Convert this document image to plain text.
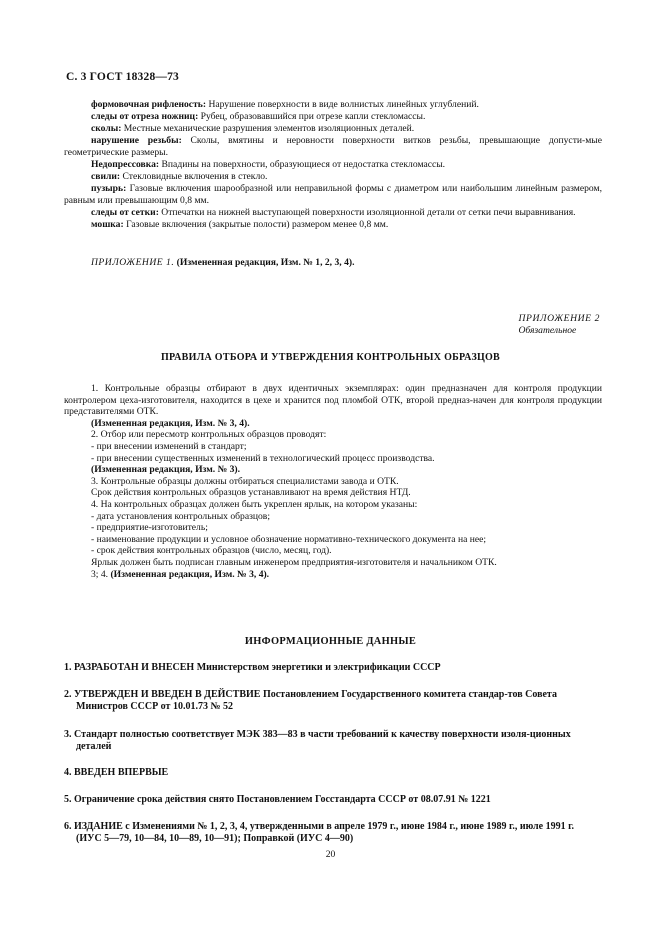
С. 3 ГОСТ 18328—73
формовочная рифленость: Нарушение поверхности в виде волнистых линейных углублений.
следы от отреза ножниц: Рубец, образовавшийся при отрезе капли стекломассы.
сколы: Местные механические разрушения элементов изоляционных деталей.
нарушение резьбы: Сколы, вмятины и неровности поверхности витков резьбы, превышающие допусти-мые геометрические размеры.
Недопрессовка: Впадины на поверхности, образующиеся от недостатка стекломассы.
свили: Стекловидные включения в стекло.
пузырь: Газовые включения шарообразной или неправильной формы с диаметром или наибольшим линейным размером, равным или превышающим 0,8 мм.
следы от сетки: Отпечатки на нижней выступающей поверхности изоляционной детали от сетки печи выравнивания.
мошка: Газовые включения (закрытые полости) размером менее 0,8 мм.
ПРИЛОЖЕНИЕ 1. (Измененная редакция, Изм. № 1, 2, 3, 4).
ПРИЛОЖЕНИЕ 2
Обязательное
ПРАВИЛА ОТБОРА И УТВЕРЖДЕНИЯ КОНТРОЛЬНЫХ ОБРАЗЦОВ
1. Контрольные образцы отбирают в двух идентичных экземплярах: один предназначен для контроля продукции контролером цеха-изготовителя, находится в цехе и хранится под пломбой ОТК, второй предназ-начен для контроля продукции представителями ОТК.
(Измененная редакция, Изм. № 3, 4).
2. Отбор или пересмотр контрольных образцов проводят:
- при внесении изменений в стандарт;
- при внесении существенных изменений в технологический процесс производства.
(Измененная редакция, Изм. № 3).
3. Контрольные образцы должны отбираться специалистами завода и ОТК.
Срок действия контрольных образцов устанавливают на время действия НТД.
4. На контрольных образцах должен быть укреплен ярлык, на котором указаны:
- дата установления контрольных образцов;
- предприятие-изготовитель;
- наименование продукции и условное обозначение нормативно-технического документа на нее;
- срок действия контрольных образцов (число, месяц, год).
Ярлык должен быть подписан главным инженером предприятия-изготовителя и начальником ОТК.
3; 4. (Измененная редакция, Изм. № 3, 4).
ИНФОРМАЦИОННЫЕ ДАННЫЕ
1. РАЗРАБОТАН И ВНЕСЕН Министерством энергетики и электрификации СССР
2. УТВЕРЖДЕН И ВВЕДЕН В ДЕЙСТВИЕ Постановлением Государственного комитета стандар-тов Совета Министров СССР от 10.01.73 № 52
3. Стандарт полностью соответствует МЭК 383—83 в части требований к качеству поверхности изоля-ционных деталей
4. ВВЕДЕН ВПЕРВЫЕ
5. Ограничение срока действия снято Постановлением Госстандарта СССР от 08.07.91 № 1221
6. ИЗДАНИЕ с Изменениями № 1, 2, 3, 4, утвержденными в апреле 1979 г., июне 1984 г., июне 1989 г., июле 1991 г. (ИУС 5—79, 10—84, 10—89, 10—91); Поправкой (ИУС 4—90)
20
